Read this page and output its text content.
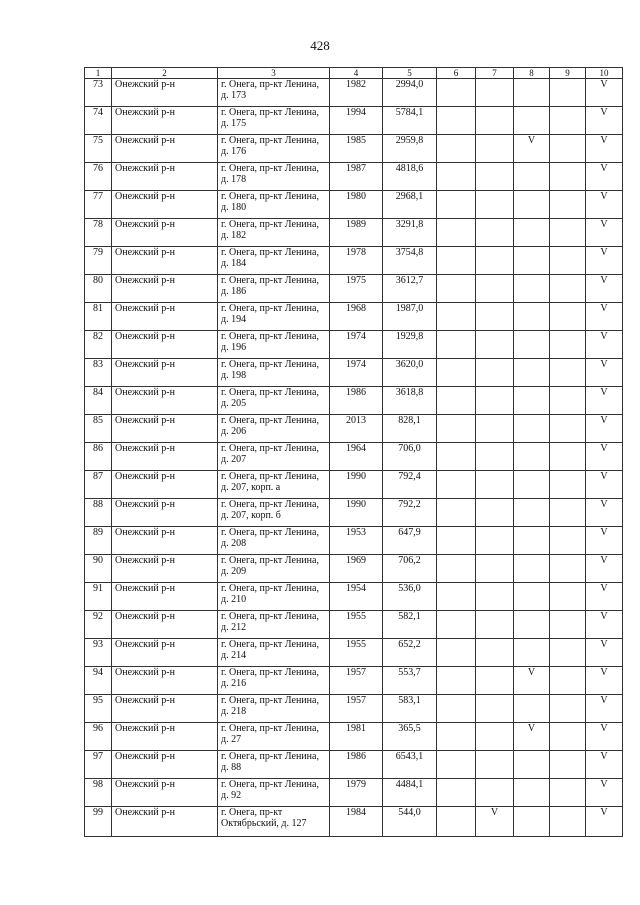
428
1	2	3	4	5	6	7	8	9	10
73	Онежский р-н	г. Онега, пр-кт Ленина, д. 173	1982	2994,0					V
74	Онежский р-н	г. Онега, пр-кт Ленина, д. 175	1994	5784,1					V
75	Онежский р-н	г. Онега, пр-кт Ленина, д. 176	1985	2959,8			V		V
76	Онежский р-н	г. Онега, пр-кт Ленина, д. 178	1987	4818,6					V
77	Онежский р-н	г. Онега, пр-кт Ленина, д. 180	1980	2968,1					V
78	Онежский р-н	г. Онега, пр-кт Ленина, д. 182	1989	3291,8					V
79	Онежский р-н	г. Онега, пр-кт Ленина, д. 184	1978	3754,8					V
80	Онежский р-н	г. Онега, пр-кт Ленина, д. 186	1975	3612,7					V
81	Онежский р-н	г. Онега, пр-кт Ленина, д. 194	1968	1987,0					V
82	Онежский р-н	г. Онега, пр-кт Ленина, д. 196	1974	1929,8					V
83	Онежский р-н	г. Онега, пр-кт Ленина, д. 198	1974	3620,0					V
84	Онежский р-н	г. Онега, пр-кт Ленина, д. 205	1986	3618,8					V
85	Онежский р-н	г. Онега, пр-кт Ленина, д. 206	2013	828,1					V
86	Онежский р-н	г. Онега, пр-кт Ленина, д. 207	1964	706,0					V
87	Онежский р-н	г. Онега, пр-кт Ленина, д. 207, корп. а	1990	792,4					V
88	Онежский р-н	г. Онега, пр-кт Ленина, д. 207, корп. б	1990	792,2					V
89	Онежский р-н	г. Онега, пр-кт Ленина, д. 208	1953	647,9					V
90	Онежский р-н	г. Онега, пр-кт Ленина, д. 209	1969	706,2					V
91	Онежский р-н	г. Онега, пр-кт Ленина, д. 210	1954	536,0					V
92	Онежский р-н	г. Онега, пр-кт Ленина, д. 212	1955	582,1					V
93	Онежский р-н	г. Онега, пр-кт Ленина, д. 214	1955	652,2					V
94	Онежский р-н	г. Онега, пр-кт Ленина, д. 216	1957	553,7			V		V
95	Онежский р-н	г. Онега, пр-кт Ленина, д. 218	1957	583,1					V
96	Онежский р-н	г. Онега, пр-кт Ленина, д. 27	1981	365,5			V		V
97	Онежский р-н	г. Онега, пр-кт Ленина, д. 88	1986	6543,1					V
98	Онежский р-н	г. Онега, пр-кт Ленина, д. 92	1979	4484,1					V
99	Онежский р-н	г. Онега, пр-кт Октябрьский, д. 127	1984	544,0		V			V
